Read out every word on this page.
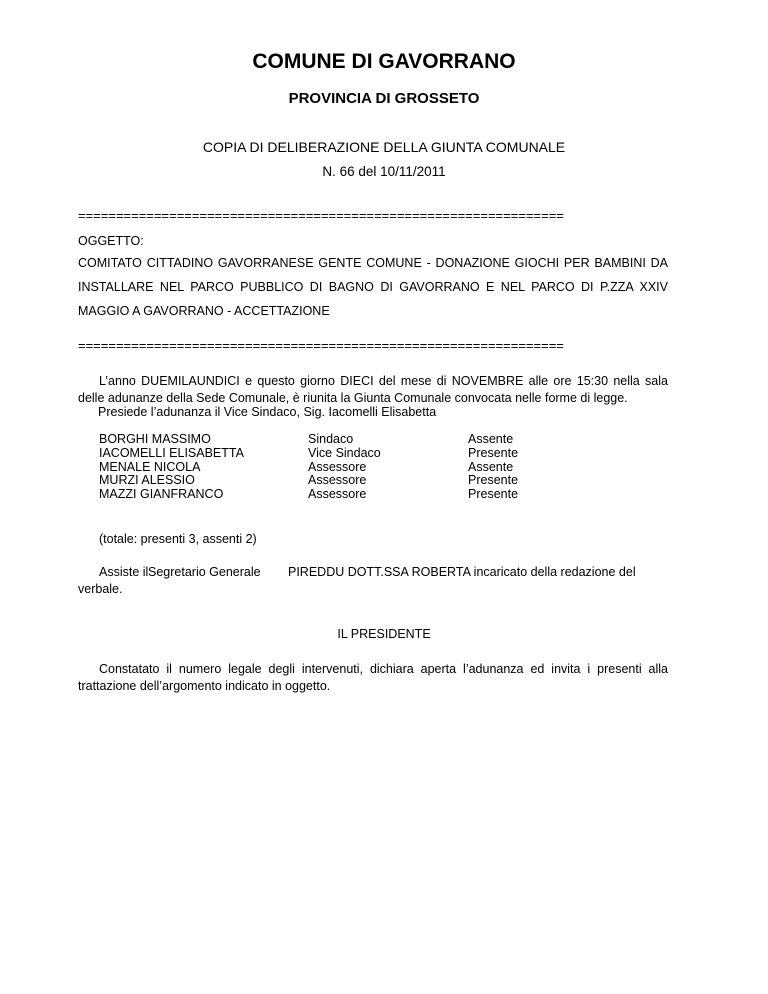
COMUNE DI GAVORRANO
PROVINCIA DI GROSSETO
COPIA DI DELIBERAZIONE DELLA GIUNTA COMUNALE
N. 66 del 10/11/2011
================================================================
OGGETTO:
COMITATO CITTADINO GAVORRANESE GENTE COMUNE - DONAZIONE GIOCHI PER BAMBINI DA INSTALLARE NEL PARCO PUBBLICO DI BAGNO DI GAVORRANO E NEL PARCO DI P.ZZA XXIV MAGGIO A GAVORRANO - ACCETTAZIONE
================================================================
L’anno DUEMILAUNDICI e questo giorno DIECI del mese di NOVEMBRE alle ore 15:30 nella sala delle adunanze della Sede Comunale, è riunita la Giunta Comunale convocata nelle forme di legge.
Presiede l’adunanza il Vice Sindaco, Sig. Iacomelli Elisabetta
BORGHI MASSIMO	Sindaco	Assente
IACOMELLI ELISABETTA	Vice Sindaco	Presente
MENALE NICOLA	Assessore	Assente
MURZI ALESSIO	Assessore	Presente
MAZZI GIANFRANCO	Assessore	Presente
(totale: presenti 3, assenti 2)
Assiste il Segretario Generale PIREDDU DOTT.SSA ROBERTA incaricato della redazione del
verbale.
IL PRESIDENTE
Constatato il numero legale degli intervenuti, dichiara aperta l’adunanza ed invita i presenti alla trattazione dell’argomento indicato in oggetto.
